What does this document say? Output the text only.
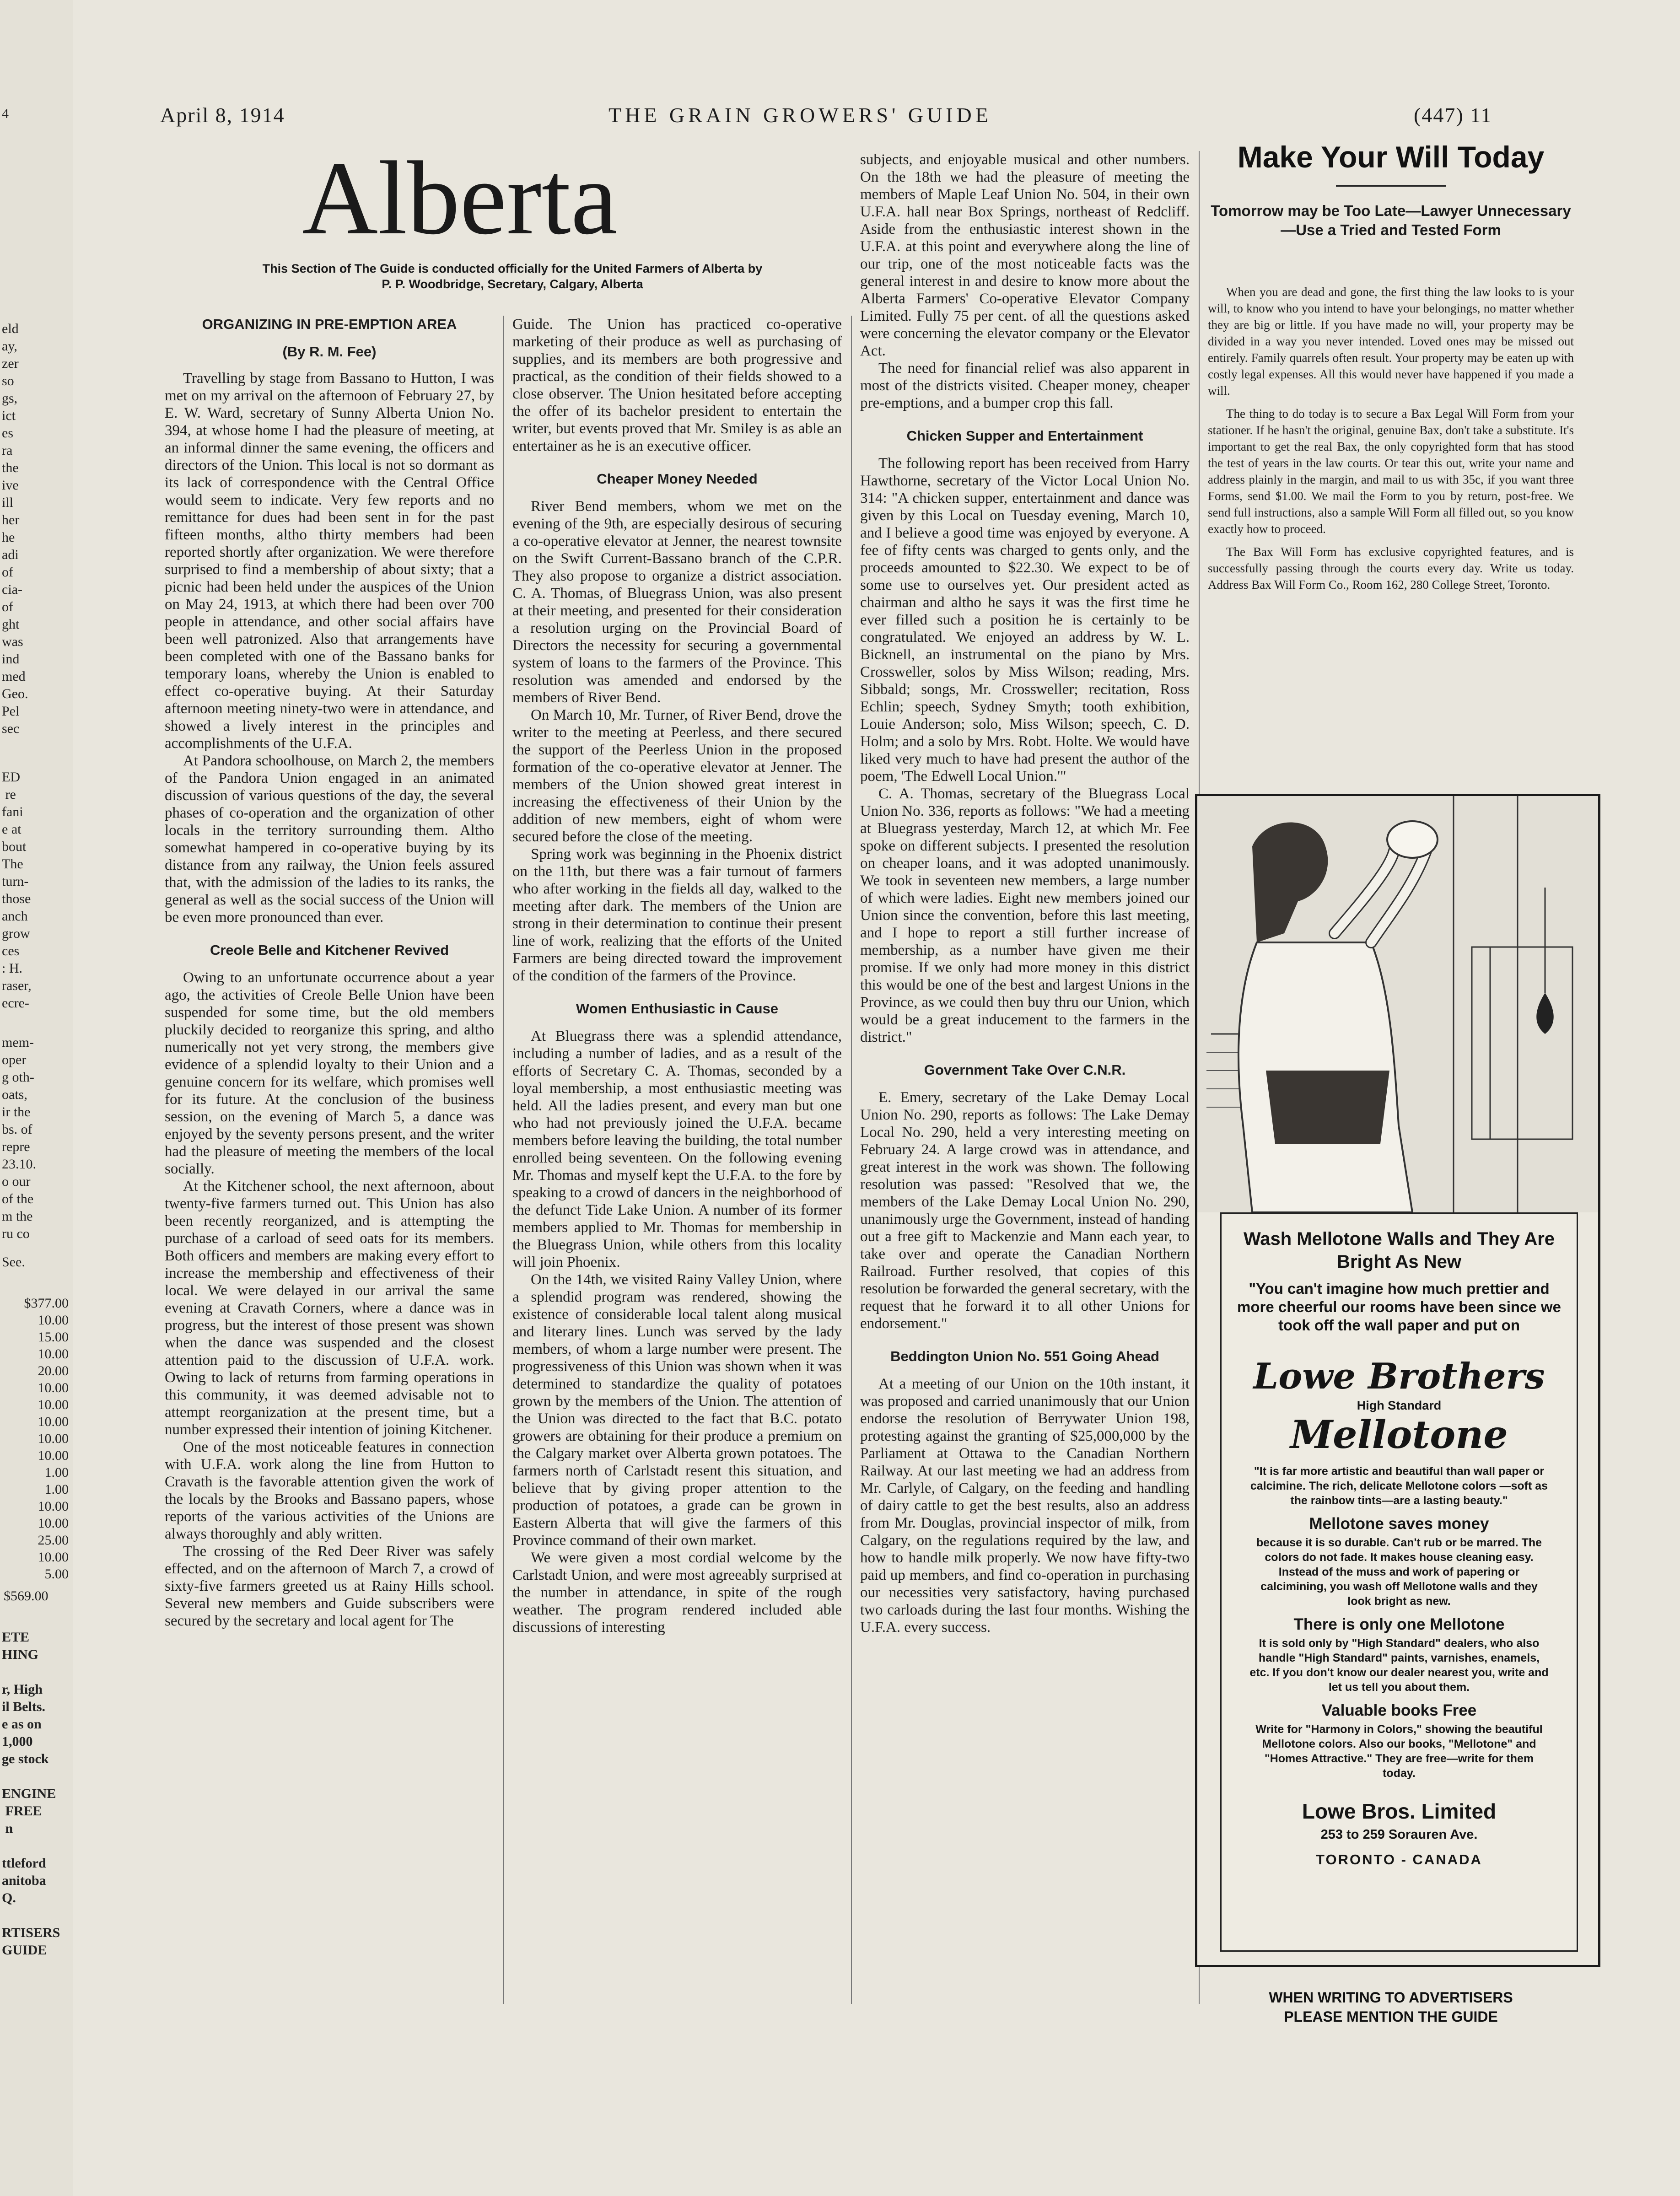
4
eld
ay,
zer
so
gs,
ict
es
ra
the
ive
ill
her
he
adi
of
cia-
of
ght
was
ind
med
Geo.
Pel
sec
ED
re
fani
e at
bout
The
turn-
those
anch
grow
ces
: H.
raser,
ecre-
mem-
oper
g oth-
oats,
ir the
bs. of
repre
23.10.
o our
of the
m the
ru co
See.
$377.00
10.00
15.00
10.00
20.00
10.00
10.00
10.00
10.00
10.00
1.00
1.00
10.00
10.00
25.00
10.00
5.00
$569.00
ETE
HING

r, High
il Belts.
e as on
1,000
ge stock

ENGINE
FREE
n

ttleford
anitoba
Q.

RTISERS
GUIDE
April 8, 1914	THE GRAIN GROWERS' GUIDE	(447) 11
Alberta
This Section of The Guide is conducted officially for the United Farmers of Alberta by
P. P. Woodbridge, Secretary, Calgary, Alberta
ORGANIZING IN PRE-EMPTION AREA
(By R. M. Fee)

Travelling by stage from Bassano to Hutton, I was met on my arrival on the afternoon of February 27, by E. W. Ward, secretary of Sunny Alberta Union No. 394, at whose home I had the pleasure of meeting, at an informal dinner the same evening, the officers and directors of the Union. This local is not so dormant as its lack of correspondence with the Central Office would seem to indicate. Very few reports and no remittance for dues had been sent in for the past fifteen months, altho thirty members had been reported shortly after organization. We were therefore surprised to find a membership of about sixty; that a picnic had been held under the auspices of the Union on May 24, 1913, at which there had been over 700 people in attendance, and other social affairs have been well patronized. Also that arrangements have been completed with one of the Bassano banks for temporary loans, whereby the Union is enabled to effect co-operative buying. At their Saturday afternoon meeting ninety-two were in attendance, and showed a lively interest in the principles and accomplishments of the U.F.A.

At Pandora schoolhouse, on March 2, the members of the Pandora Union engaged in an animated discussion of various questions of the day, the several phases of co-operation and the organization of other locals in the territory surrounding them. Altho somewhat hampered in co-operative buying by its distance from any railway, the Union feels assured that, with the admission of the ladies to its ranks, the general as well as the social success of the Union will be even more pronounced than ever.

Creole Belle and Kitchener Revived

Owing to an unfortunate occurrence about a year ago, the activities of Creole Belle Union have been suspended for some time, but the old members pluckily decided to reorganize this spring, and altho numerically not yet very strong, the members give evidence of a splendid loyalty to their Union and a genuine concern for its welfare, which promises well for its future. At the conclusion of the business session, on the evening of March 5, a dance was enjoyed by the seventy persons present, and the writer had the pleasure of meeting the members of the local socially.

At the Kitchener school, the next afternoon, about twenty-five farmers turned out. This Union has also been recently reorganized, and is attempting the purchase of a carload of seed oats for its members. Both officers and members are making every effort to increase the membership and effectiveness of their local. We were delayed in our arrival the same evening at Cravath Corners, where a dance was in progress, but the interest of those present was shown when the dance was suspended and the closest attention paid to the discussion of U.F.A. work. Owing to lack of returns from farming operations in this community, it was deemed advisable not to attempt reorganization at the present time, but a number expressed their intention of joining Kitchener.

One of the most noticeable features in connection with U.F.A. work along the line from Hutton to Cravath is the favorable attention given the work of the locals by the Brooks and Bassano papers, whose reports of the various activities of the Unions are always thoroughly and ably written.

The crossing of the Red Deer River was safely effected, and on the afternoon of March 7, a crowd of sixty-five farmers greeted us at Rainy Hills school. Several new members and Guide subscribers were secured by the secretary and local agent for The

Guide. The Union has practiced co-operative marketing of their produce as well as purchasing of supplies, and its members are both progressive and practical, as the condition of their fields showed to a close observer. The Union hesitated before accepting the offer of its bachelor president to entertain the writer, but events proved that Mr. Smiley is as able an entertainer as he is an executive officer.

Cheaper Money Needed

River Bend members, whom we met on the evening of the 9th, are especially desirous of securing a co-operative elevator at Jenner, the nearest townsite on the Swift Current-Bassano branch of the C.P.R. They also propose to organize a district association. C. A. Thomas, of Bluegrass Union, was also present at their meeting, and presented for their consideration a resolution urging on the Provincial Board of Directors the necessity for securing a governmental system of loans to the farmers of the Province. This resolution was amended and endorsed by the members of River Bend.

On March 10, Mr. Turner, of River Bend, drove the writer to the meeting at Peerless, and there secured the support of the Peerless Union in the proposed formation of the co-operative elevator at Jenner. The members of the Union showed great interest in increasing the effectiveness of their Union by the addition of new members, eight of whom were secured before the close of the meeting.

Spring work was beginning in the Phoenix district on the 11th, but there was a fair turnout of farmers who after working in the fields all day, walked to the meeting after dark. The members of the Union are strong in their determination to continue their present line of work, realizing that the efforts of the United Farmers are being directed toward the improvement of the condition of the farmers of the Province.

Women Enthusiastic in Cause

At Bluegrass there was a splendid attendance, including a number of ladies, and as a result of the efforts of Secretary C. A. Thomas, seconded by a loyal membership, a most enthusiastic meeting was held. All the ladies present, and every man but one who had not previously joined the U.F.A. became members before leaving the building, the total number enrolled being seventeen. On the following evening Mr. Thomas and myself kept the U.F.A. to the fore by speaking to a crowd of dancers in the neighborhood of the defunct Tide Lake Union. A number of its former members applied to Mr. Thomas for membership in the Bluegrass Union, while others from this locality will join Phoenix.

On the 14th, we visited Rainy Valley Union, where a splendid program was rendered, showing the existence of considerable local talent along musical and literary lines. Lunch was served by the lady members, of whom a large number were present. The progressiveness of this Union was shown when it was determined to standardize the quality of potatoes grown by the members of the Union. The attention of the Union was directed to the fact that B.C. potato growers are obtaining for their produce a premium on the Calgary market over Alberta grown potatoes. The farmers north of Carlstadt resent this situation, and believe that by giving proper attention to the production of potatoes, a grade can be grown in Eastern Alberta that will give the farmers of this Province command of their own market.

We were given a most cordial welcome by the Carlstadt Union, and were most agreeably surprised at the number in attendance, in spite of the rough weather. The program rendered included able discussions of interesting

subjects, and enjoyable musical and other numbers. On the 18th we had the pleasure of meeting the members of Maple Leaf Union No. 504, in their own U.F.A. hall near Box Springs, northeast of Redcliff. Aside from the enthusiastic interest shown in the U.F.A. at this point and everywhere along the line of our trip, one of the most noticeable facts was the general interest in and desire to know more about the Alberta Farmers' Co-operative Elevator Company Limited. Fully 75 per cent. of all the questions asked were concerning the elevator company or the Elevator Act.

The need for financial relief was also apparent in most of the districts visited. Cheaper money, cheaper pre-emptions, and a bumper crop this fall.

Chicken Supper and Entertainment

The following report has been received from Harry Hawthorne, secretary of the Victor Local Union No. 314: "A chicken supper, entertainment and dance was given by this Local on Tuesday evening, March 10, and I believe a good time was enjoyed by everyone. A fee of fifty cents was charged to gents only, and the proceeds amounted to $22.30. We expect to be of some use to ourselves yet. Our president acted as chairman and altho he says it was the first time he ever filled such a position he is certainly to be congratulated. We enjoyed an address by W. L. Bicknell, an instrumental on the piano by Mrs. Crossweller, solos by Miss Wilson; reading, Mrs. Sibbald; songs, Mr. Crossweller; recitation, Ross Echlin; speech, Sydney Smyth; tooth exhibition, Louie Anderson; solo, Miss Wilson; speech, C. D. Holm; and a solo by Mrs. Robt. Holte. We would have liked very much to have had present the author of the poem, 'The Edwell Local Union.'"

C. A. Thomas, secretary of the Bluegrass Local Union No. 336, reports as follows: "We had a meeting at Bluegrass yesterday, March 12, at which Mr. Fee spoke on different subjects. I presented the resolution on cheaper loans, and it was adopted unanimously. We took in seventeen new members, a large number of which were ladies. Eight new members joined our Union since the convention, before this last meeting, and I hope to report a still further increase of membership, as a number have given me their promise. If we only had more money in this district this would be one of the best and largest Unions in the Province, as we could then buy thru our Union, which would be a great inducement to the farmers in the district."

Government Take Over C.N.R.

E. Emery, secretary of the Lake Demay Local Union No. 290, reports as follows: The Lake Demay Local No. 290, held a very interesting meeting on February 24. A large crowd was in attendance, and great interest in the work was shown. The following resolution was passed: "Resolved that we, the members of the Lake Demay Local Union No. 290, unanimously urge the Government, instead of handing out a free gift to Mackenzie and Mann each year, to take over and operate the Canadian Northern Railroad. Further resolved, that copies of this resolution be forwarded the general secretary, with the request that he forward it to all other Unions for endorsement."

Beddington Union No. 551 Going Ahead

At a meeting of our Union on the 10th instant, it was proposed and carried unanimously that our Union endorse the resolution of Berrywater Union 198, protesting against the granting of $25,000,000 by the Parliament at Ottawa to the Canadian Northern Railway. At our last meeting we had an address from Mr. Carlyle, of Calgary, on the feeding and handling of dairy cattle to get the best results, also an address from Mr. Douglas, provincial inspector of milk, from Calgary, on the regulations required by the law, and how to handle milk properly. We now have fifty-two paid up members, and find co-operation in purchasing our necessities very satisfactory, having purchased two carloads during the last four months. Wishing the U.F.A. every success.

Make Your Will Today
Tomorrow may be Too Late—Lawyer Unnecessary—Use a Tried and Tested Form

When you are dead and gone, the first thing the law looks to is your will, to know who you intend to have your belongings, no matter whether they are big or little. If you have made no will, your property may be divided in a way you never intended. Loved ones may be missed out entirely. Family quarrels often result. Your property may be eaten up with costly legal expenses. All this would never have happened if you made a will.

The thing to do today is to secure a Bax Legal Will Form from your stationer. If he hasn't the original, genuine Bax, don't take a substitute. It's important to get the real Bax, the only copyrighted form that has stood the test of years in the law courts. Or tear this out, write your name and address plainly in the margin, and mail to us with 35c, if you want three Forms, send $1.00. We mail the Form to you by return, post-free. We send full instructions, also a sample Will Form all filled out, so you know exactly how to proceed.

The Bax Will Form has exclusive copyrighted features, and is successfully passing through the courts every day. Write us today. Address Bax Will Form Co., Room 162, 280 College Street, Toronto.

Wash Mellotone Walls and They Are Bright As New
"You can't imagine how much prettier and more cheerful our rooms have been since we took off the wall paper and put on
Lowe Brothers
High Standard
Mellotone
"It is far more artistic and beautiful than wall paper or calcimine. The rich, delicate Mellotone colors —soft as the rainbow tints—are a lasting beauty."
Mellotone saves money
because it is so durable. Can't rub or be marred. The colors do not fade. It makes house cleaning easy. Instead of the muss and work of papering or calcimining, you wash off Mellotone walls and they look bright as new.
There is only one Mellotone
It is sold only by "High Standard" dealers, who also handle "High Standard" paints, varnishes, enamels, etc. If you don't know our dealer nearest you, write and let us tell you about them.
Valuable books Free
Write for "Harmony in Colors," showing the beautiful Mellotone colors. Also our books, "Mellotone" and "Homes Attractive." They are free—write for them today.
Lowe Bros. Limited
253 to 259 Sorauren Ave.
TORONTO - CANADA
WHEN WRITING TO ADVERTISERS
PLEASE MENTION THE GUIDE
